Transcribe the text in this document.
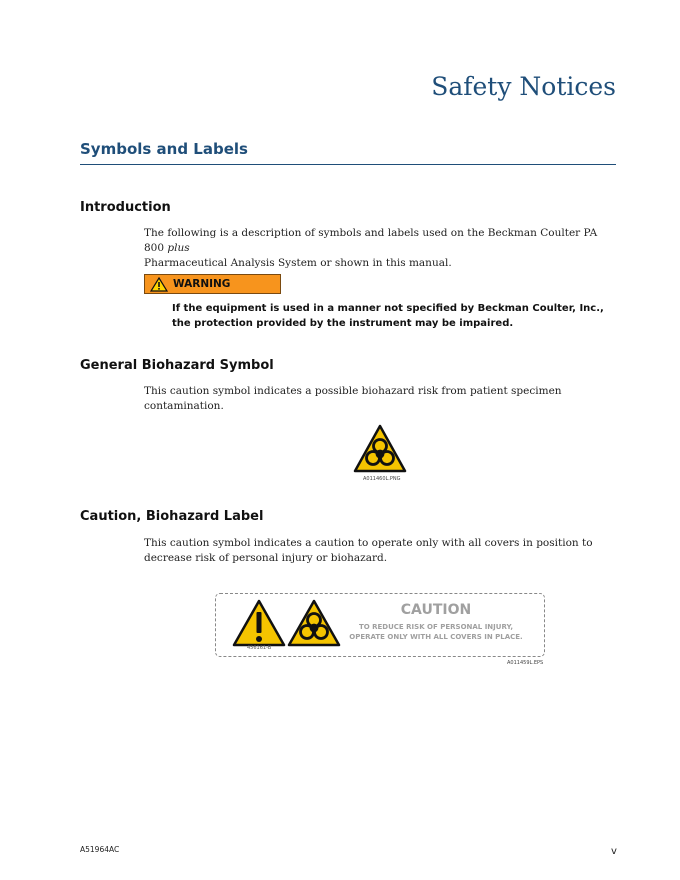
Safety Notices
Symbols and Labels
Introduction
The following is a description of symbols and labels used on the Beckman Coulter PA 800 plus
Pharmaceutical Analysis System or shown in this manual.
WARNING
If the equipment is used in a manner not specified by Beckman Coulter, Inc., the protection provided by the instrument may be impaired.
General Biohazard Symbol
This caution symbol indicates a possible biohazard risk from patient specimen contamination.
A011460L.PNG
Caution, Biohazard Label
This caution symbol indicates a caution to operate only with all covers in position to decrease risk of personal injury or biohazard.
CAUTION
TO REDUCE RISK OF PERSONAL INJURY,
OPERATE ONLY WITH ALL COVERS IN PLACE.
456161-B
A011459L.EPS
A51964AC	v
